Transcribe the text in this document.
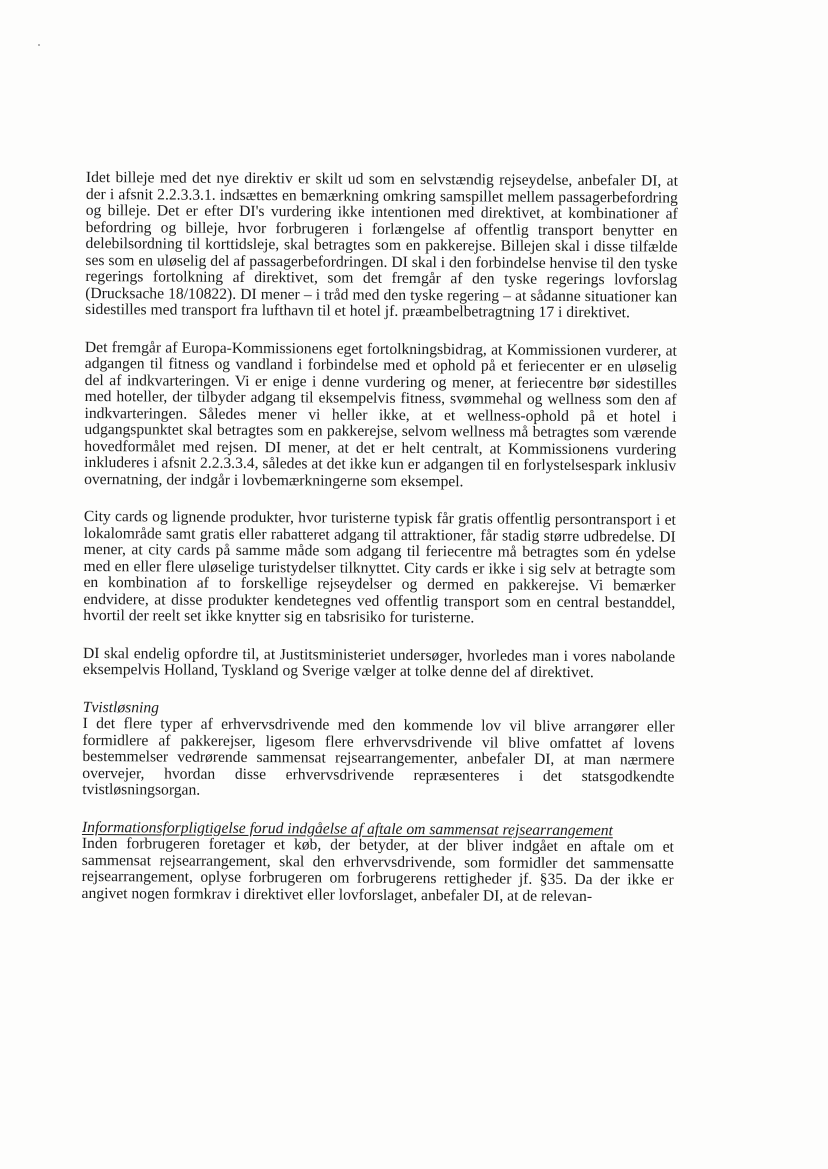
Idet billeje med det nye direktiv er skilt ud som en selvstændig rejseydelse, anbefaler DI, at der i afsnit 2.2.3.3.1. indsættes en bemærkning omkring samspillet mellem passagerbefordring og billeje. Det er efter DI's vurdering ikke intentionen med direktivet, at kombinationer af befordring og billeje, hvor forbrugeren i forlængelse af offentlig transport benytter en delebilsordning til korttidsleje, skal betragtes som en pakkerejse. Billejen skal i disse tilfælde ses som en uløselig del af passagerbefordringen. DI skal i den forbindelse henvise til den tyske regerings fortolkning af direktivet, som det fremgår af den tyske regerings lovforslag (Drucksache 18/10822). DI mener – i tråd med den tyske regering – at sådanne situationer kan sidestilles med transport fra lufthavn til et hotel jf. præambelbetragtning 17 i direktivet.

Det fremgår af Europa-Kommissionens eget fortolkningsbidrag, at Kommissionen vurderer, at adgangen til fitness og vandland i forbindelse med et ophold på et feriecenter er en uløselig del af indkvarteringen. Vi er enige i denne vurdering og mener, at feriecentre bør sidestilles med hoteller, der tilbyder adgang til eksempelvis fitness, svømmehal og wellness som den af indkvarteringen. Således mener vi heller ikke, at et wellness-ophold på et hotel i udgangspunktet skal betragtes som en pakkerejse, selvom wellness må betragtes som værende hovedformålet med rejsen. DI mener, at det er helt centralt, at Kommissionens vurdering inkluderes i afsnit 2.2.3.3.4, således at det ikke kun er adgangen til en forlystelsespark inklusiv overnatning, der indgår i lovbemærkningerne som eksempel.

City cards og lignende produkter, hvor turisterne typisk får gratis offentlig persontransport i et lokalområde samt gratis eller rabatteret adgang til attraktioner, får stadig større udbredelse. DI mener, at city cards på samme måde som adgang til feriecentre må betragtes som én ydelse med en eller flere uløselige turistydelser tilknyttet. City cards er ikke i sig selv at betragte som en kombination af to forskellige rejseydelser og dermed en pakkerejse. Vi bemærker endvidere, at disse produkter kendetegnes ved offentlig transport som en central bestanddel, hvortil der reelt set ikke knytter sig en tabsrisiko for turisterne.

DI skal endelig opfordre til, at Justitsministeriet undersøger, hvorledes man i vores nabolande eksempelvis Holland, Tyskland og Sverige vælger at tolke denne del af direktivet.

Tvistløsning

I det flere typer af erhvervsdrivende med den kommende lov vil blive arrangører eller formidlere af pakkerejser, ligesom flere erhvervsdrivende vil blive omfattet af lovens bestemmelser vedrørende sammensat rejsearrangementer, anbefaler DI, at man nærmere overvejer, hvordan disse erhvervsdrivende repræsenteres i det statsgodkendte tvistløsningsorgan.

Informationsforpligtigelse forud indgåelse af aftale om sammensat rejsearrangement

Inden forbrugeren foretager et køb, der betyder, at der bliver indgået en aftale om et sammensat rejsearrangement, skal den erhvervsdrivende, som formidler det sammensatte rejsearrangement, oplyse forbrugeren om forbrugerens rettigheder jf. §35. Da der ikke er angivet nogen formkrav i direktivet eller lovforslaget, anbefaler DI, at de relevan-
